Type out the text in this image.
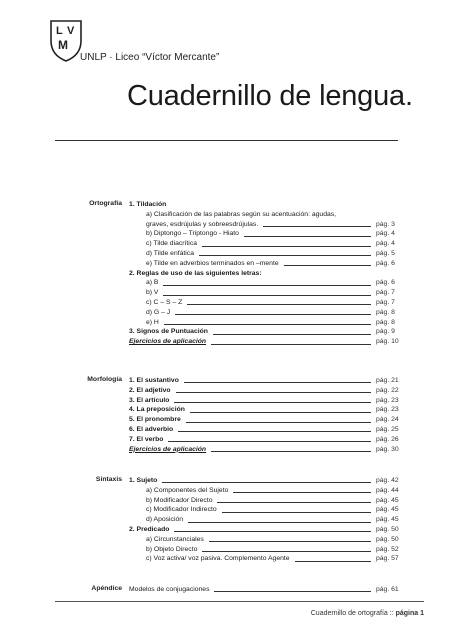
L V
M
UNLP · Liceo “Víctor Mercante”
Cuadernillo de lengua.
Ortografía 1. Tildación
a) Clasificación de las palabras según su acentuación: agudas,
graves, esdrújulas y sobreesdrújulas.	pág. 3
b) Diptongo – Triptongo - Hiato	pág. 4
c) Tilde diacrítica	pág. 4
d) Tilde enfática	pág. 5
e) Tilde en adverbios terminados en –mente	pág. 6
2. Reglas de uso de las siguientes letras:
a) B	pág. 6
b) V	pág. 7
c) C – S – Z	pág. 7
d) G – J	pág. 8
e) H	pág. 8
3. Signos de Puntuación	pág. 9
Ejercicios de aplicación	pág. 10
Morfología 1. El sustantivo	pág. 21
2. El adjetivo	pág. 22
3. El artículo	pág. 23
4. La preposición	pág. 23
5. El pronombre	pág. 24
6. El adverbio	pág. 25
7. El verbo	pág. 26
Ejercicios de aplicación	pág. 30
Sintaxis 1. Sujeto	pág. 42
a) Componentes del Sujeto	pág. 44
b) Modificador Directo	pág. 45
c) Modificador Indirecto	pág. 45
d) Aposición	pág. 45
2. Predicado	pág. 50
a) Circunstanciales	pág. 50
b) Objeto Directo	pág. 52
c) Voz activa/ voz pasiva. Complemento Agente	pág. 57
Apéndice Modelos de conjugaciones	pág. 61
Cuadernillo de ortografía :: página 1
